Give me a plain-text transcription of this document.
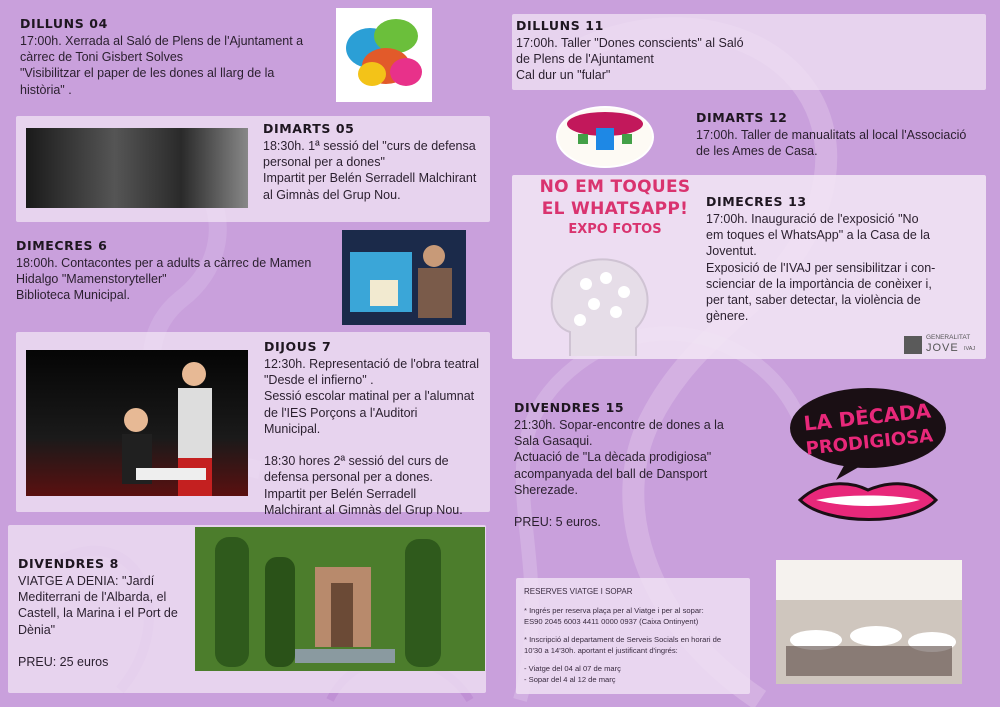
DILLUNS 04
17:00h. Xerrada al Saló de Plens de l'Ajuntament a
càrrec de Toni Gisbert Solves
"Visibilitzar el paper de les dones al llarg de la
història" .
DIMARTS 05
18:30h. 1ª sessió del "curs de defensa
personal per a dones"
Impartit per Belén Serradell Malchirant
al Gimnàs del Grup Nou.
DIMECRES 6
18:00h. Contacontes per a adults a càrrec de Mamen
Hidalgo "Mamenstoryteller"
Biblioteca Municipal.
DIJOUS 7
12:30h. Representació de l'obra teatral
"Desde el infierno" .
Sessió escolar matinal per a l'alumnat
de l'IES Porçons a l'Auditori
Municipal.

18:30 hores 2ª sessió del curs de
defensa personal per a dones.
Impartit per Belén Serradell
Malchirant al Gimnàs del Grup Nou.
DIVENDRES 8
VIATGE A DENIA: "Jardí
Mediterrani de l'Albarda, el
Castell, la Marina i el Port de
Dènia"

PREU: 25 euros
DILLUNS 11
17:00h. Taller "Dones conscients" al Saló
de Plens de l'Ajuntament
Cal dur un "fular"
DIMARTS 12
17:00h. Taller de manualitats al local l'Associació
de les Ames de Casa.
NO EM TOQUES
EL WHATSAPP!
EXPO FOTOS
DIMECRES 13
17:00h. Inauguració de l'exposició "No
em toques el WhatsApp" a la Casa de la
Joventut.
Exposició de l'IVAJ per sensibilitzar i con-
scienciar de la importància de conèixer i,
per tant, saber detectar, la violència de
gènere.
GENERALITAT
JOVE IVAJ
DIVENDRES 15
21:30h. Sopar-encontre de dones a la
Sala Gasaqui.
Actuació de "La dècada prodigiosa"
acompanyada del ball de Dansport
Sherezade.

PREU: 5 euros.
LA DÈCADA
PRODIGIOSA
RESERVES VIATGE I SOPAR
* Ingrés per reserva plaça per al Viatge i per al sopar:
ES90 2045 6003 4411 0000 0937 (Caixa Ontinyent)
* Inscripció al departament de Serveis Socials en horari de
10'30 a 14'30h. aportant el justificant d'ingrés:
- Viatge del 04 al 07 de març
- Sopar del 4 al 12 de març
